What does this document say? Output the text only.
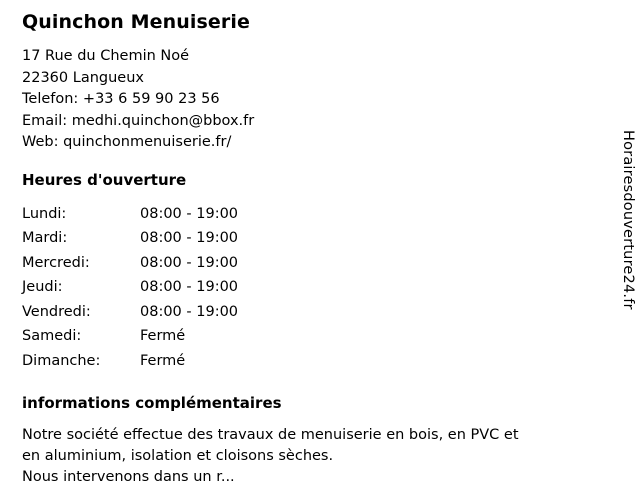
Quinchon Menuiserie
17 Rue du Chemin Noé
22360 Langueux
Telefon: +33 6 59 90 23 56
Email: medhi.quinchon@bbox.fr
Web: quinchonmenuiserie.fr/
Heures d'ouverture
Lundi:	08:00 - 19:00
Mardi:	08:00 - 19:00
Mercredi:	08:00 - 19:00
Jeudi:	08:00 - 19:00
Vendredi:	08:00 - 19:00
Samedi:	Fermé
Dimanche:	Fermé
informations complémentaires
Notre société effectue des travaux de menuiserie en bois, en PVC et
en aluminium, isolation et cloisons sèches.
Nous intervenons dans un r...
Horairesdouverture24.fr
